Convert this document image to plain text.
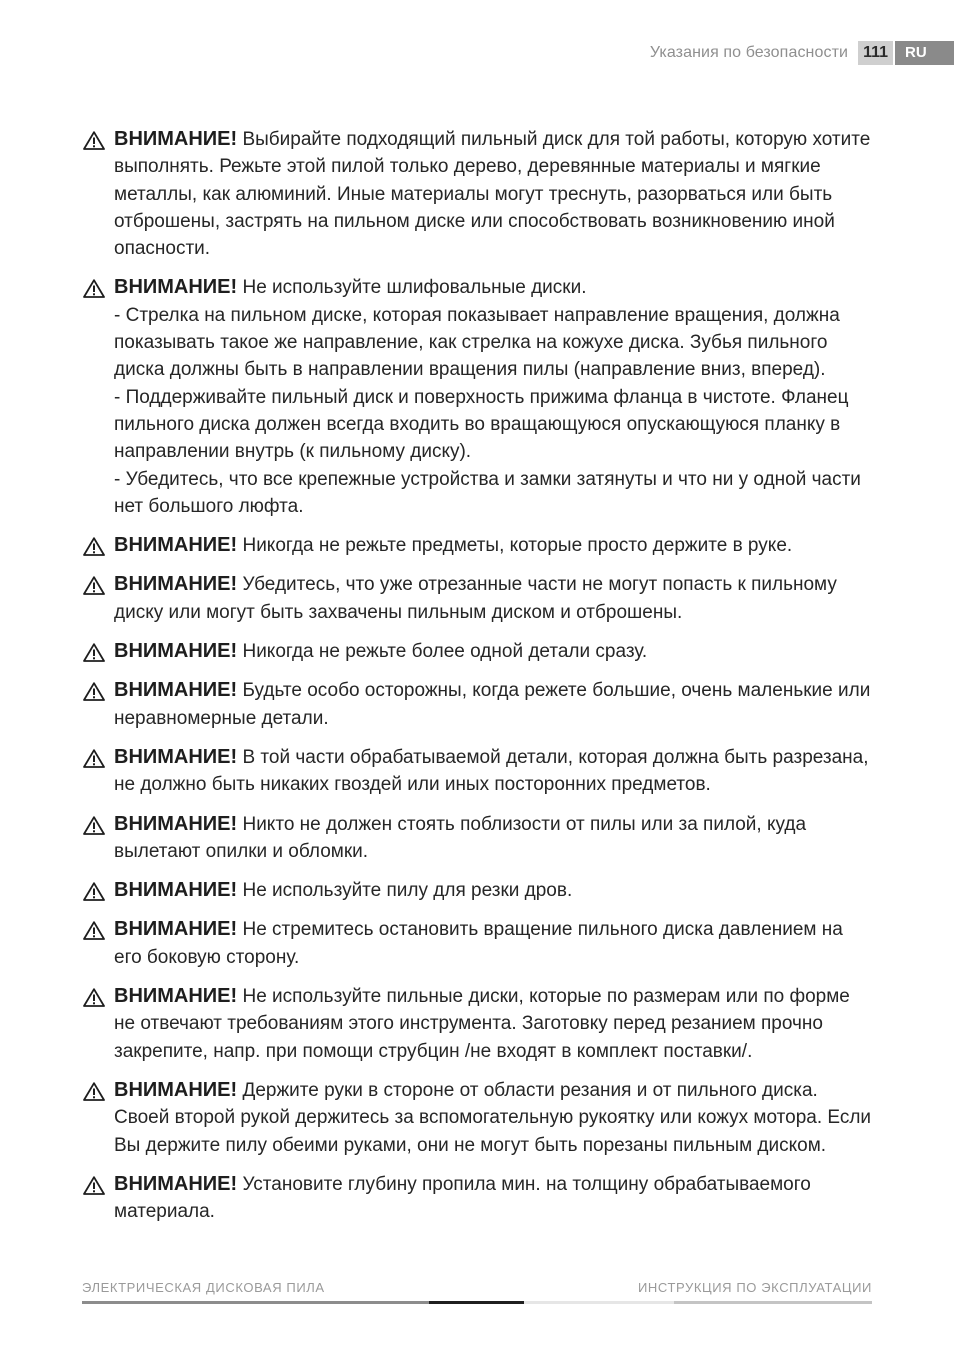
Указания по безопасности 111	RU
ВНИМАНИЕ! Выбирайте подходящий пильный диск для той работы, которую хотите выполнять. Режьте этой пилой только дерево, деревянные материалы и мягкие металлы, как алюминий. Иные материалы могут треснуть, разорваться или быть отброшены, застрять на пильном диске или способствовать возникновению иной опасности.
ВНИМАНИЕ! Не используйте шлифовальные диски.
- Стрелка на пильном диске, которая показывает направление вращения, должна показывать такое же направление, как стрелка на кожухе диска. Зубья пильного диска должны быть в направлении вращения пилы (направление вниз, вперед).
- Поддерживайте пильный диск и поверхность прижима фланца в чистоте. Фланец пильного диска должен всегда входить во вращающуюся опускающуюся планку в направлении внутрь (к пильному диску).
- Убедитесь, что все крепежные устройства и замки затянуты и что ни у одной части нет большого люфта.
ВНИМАНИЕ! Никогда не режьте предметы, которые просто держите в руке.
ВНИМАНИЕ! Убедитесь, что уже отрезанные части не могут попасть к пильному диску или могут быть захвачены пильным диском и отброшены.
ВНИМАНИЕ! Никогда не режьте более одной детали сразу.
ВНИМАНИЕ! Будьте особо осторожны, когда режете большие, очень маленькие или неравномерные детали.
ВНИМАНИЕ! В той части обрабатываемой детали, которая должна быть разрезана, не должно быть никаких гвоздей или иных посторонних предметов.
ВНИМАНИЕ! Никто не должен стоять поблизости от пилы или за пилой, куда вылетают опилки и обломки.
ВНИМАНИЕ! Не используйте пилу для резки дров.
ВНИМАНИЕ! Не стремитесь остановить вращение пильного диска давлением на его боковую сторону.
ВНИМАНИЕ! Не используйте пильные диски, которые по размерам или по форме не отвечают требованиям этого инструмента. Заготовку перед резанием прочно закрепите, напр. при помощи струбцин /не входят в комплект поставки/.
ВНИМАНИЕ! Держите руки в стороне от области резания и от пильного диска. Своей второй рукой держитесь за вспомогательную рукоятку или кожух мотора. Если Вы держите пилу обеими руками, они не могут быть порезаны пильным диском.
ВНИМАНИЕ! Установите глубину пропила мин. на толщину обрабатываемого материала.
ЭЛЕКТРИЧЕСКАЯ ДИСКОВАЯ ПИЛА	ИНСТРУКЦИЯ ПО ЭКСПЛУАТАЦИИ
